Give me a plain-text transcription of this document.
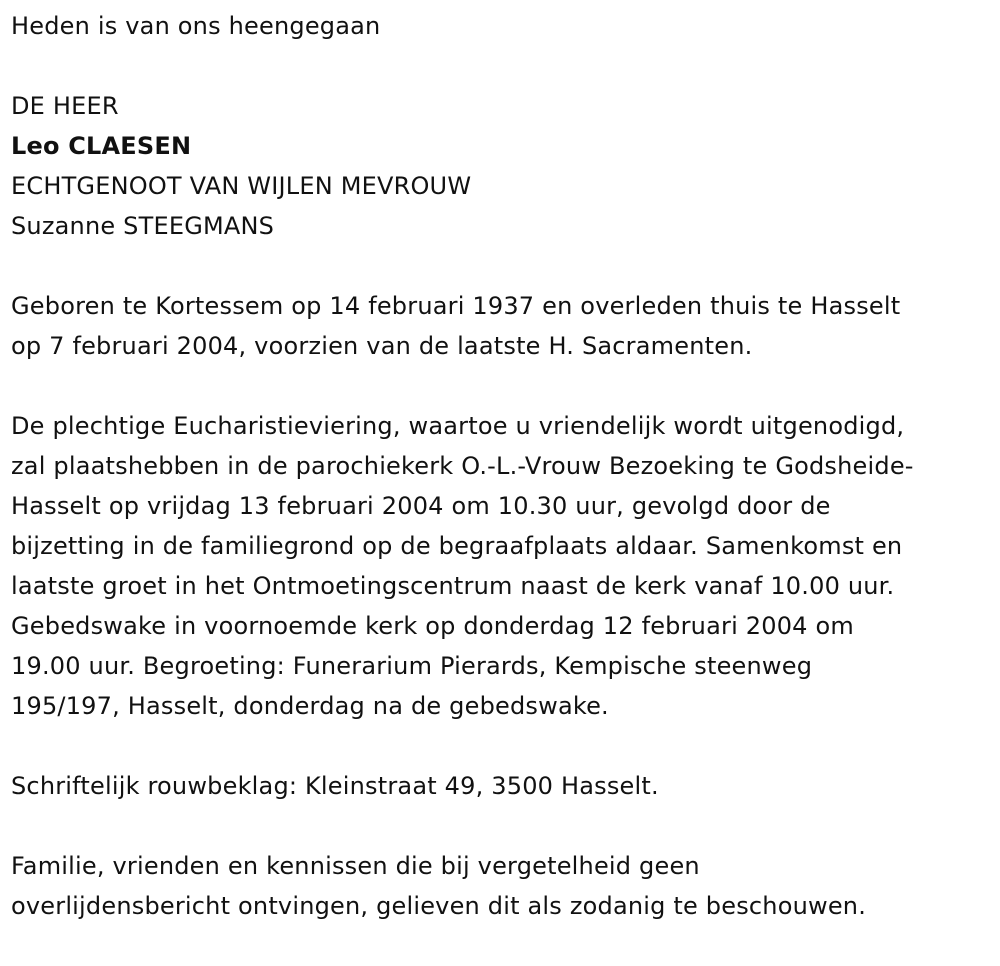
Heden is van ons heengegaan
DE HEER
Leo CLAESEN
ECHTGENOOT VAN WIJLEN MEVROUW
Suzanne STEEGMANS
Geboren te Kortessem op 14 februari 1937 en overleden thuis te Hasselt
op 7 februari 2004, voorzien van de laatste H. Sacramenten.
De plechtige Eucharistieviering, waartoe u vriendelijk wordt uitgenodigd,
zal plaatshebben in de parochiekerk O.-L.-Vrouw Bezoeking te Godsheide-
Hasselt op vrijdag 13 februari 2004 om 10.30 uur, gevolgd door de
bijzetting in de familiegrond op de begraafplaats aldaar. Samenkomst en
laatste groet in het Ontmoetingscentrum naast de kerk vanaf 10.00 uur.
Gebedswake in voornoemde kerk op donderdag 12 februari 2004 om
19.00 uur. Begroeting: Funerarium Pierards, Kempische steenweg
195/197, Hasselt, donderdag na de gebedswake.
Schriftelijk rouwbeklag: Kleinstraat 49, 3500 Hasselt.
Familie, vrienden en kennissen die bij vergetelheid geen
overlijdensbericht ontvingen, gelieven dit als zodanig te beschouwen.
